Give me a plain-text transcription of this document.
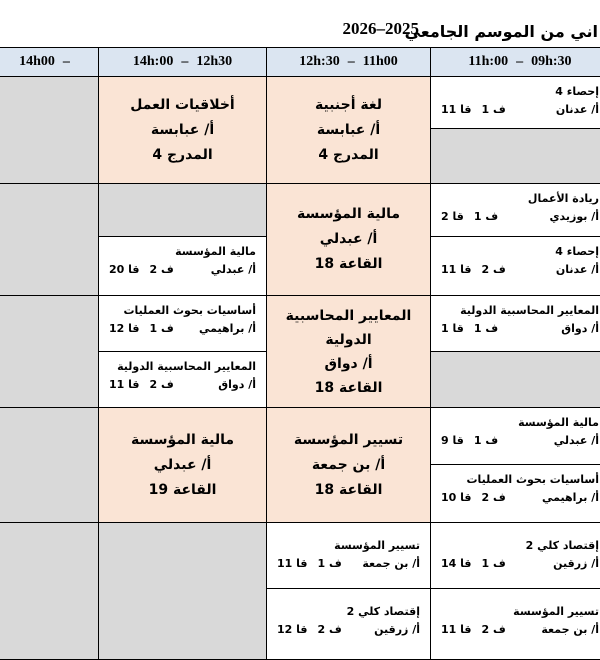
اني من الموسم الجامعي
2026–2025
11h:00 – 09h:30
12h:30 – 11h00
14h:00 – 12h30
14h00 –
إحصاء 4
أ/ عدنان
ف 1
قا 11
لغة أجنبية
أ/ عبابسة
المدرج 4
أخلاقيات العمل
أ/ عبابسة
المدرج 4
ريادة الأعمال
أ/ بوزيدي
ف 1
قا 2
إحصاء 4
أ/ عدنان
ف 2
قا 11
مالية المؤسسة
أ/ عبدلي
القاعة 18
مالية المؤسسة
أ/ عبدلي
ف 2
قا 20
المعايير المحاسبية الدولية
أ/ دواق
ف 1
قا 1
المعايير المحاسبية الدولية
أ/ دواق
القاعة 18
أساسيات بحوث العمليات
أ/ براهيمي
ف 1
قا 12
المعايير المحاسبية الدولية
أ/ دواق
ف 2
قا 11
مالية المؤسسة
أ/ عبدلي
ف 1
قا 9
أساسيات بحوث العمليات
أ/ براهيمي
ف 2
قا 10
تسيير المؤسسة
أ/ بن جمعة
القاعة 18
مالية المؤسسة
أ/ عبدلي
القاعة 19
إقتصاد كلي 2
أ/ زرقين
ف 1
قا 14
تسيير المؤسسة
أ/ بن جمعة
ف 2
قا 11
تسيير المؤسسة
أ/ بن جمعة
ف 1
قا 11
إقتصاد كلي 2
أ/ زرقين
ف 2
قا 12
